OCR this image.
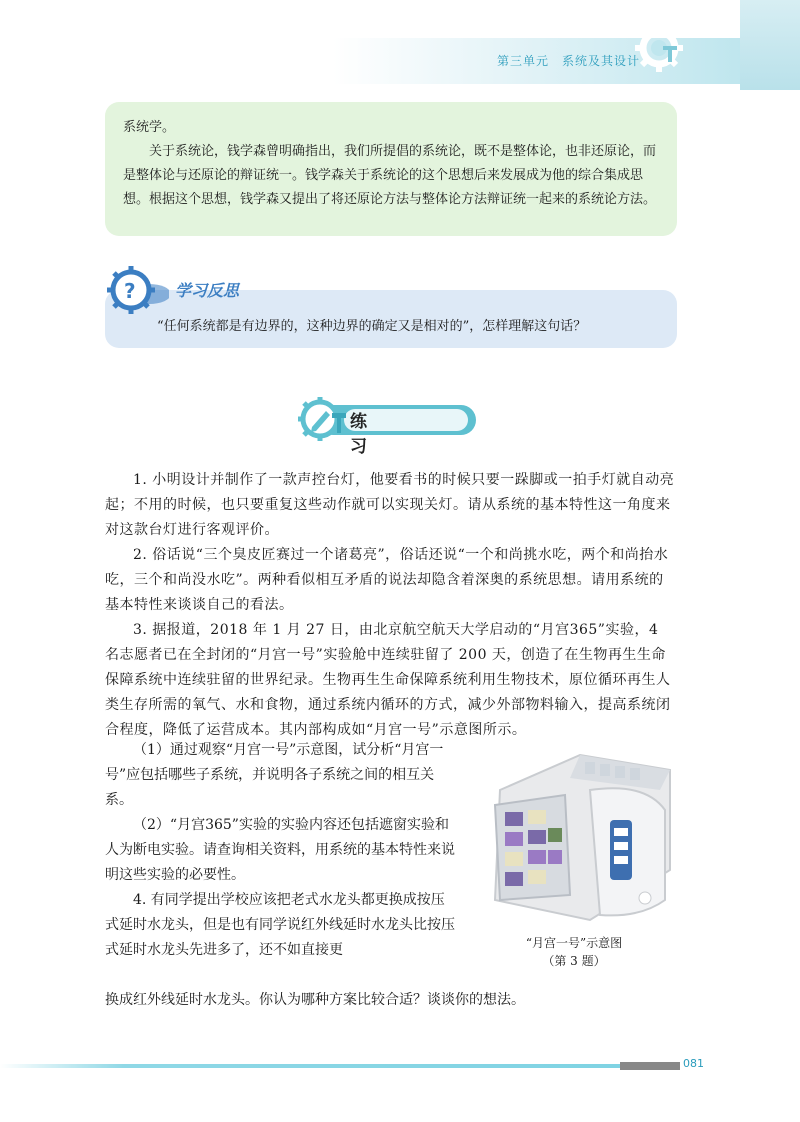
第三单元　系统及其设计

系统学。

关于系统论，钱学森曾明确指出，我们所提倡的系统论，既不是整体论，也非还原论，而是整体论与还原论的辩证统一。钱学森关于系统论的这个思想后来发展成为他的综合集成思想。根据这个思想，钱学森又提出了将还原论方法与整体论方法辩证统一起来的系统论方法。

? 学习反思
“任何系统都是有边界的，这种边界的确定又是相对的”，怎样理解这句话？
练　习

1. 小明设计并制作了一款声控台灯，他要看书的时候只要一跺脚或一拍手灯就自动亮起；不用的时候，也只要重复这些动作就可以实现关灯。请从系统的基本特性这一角度来对这款台灯进行客观评价。

2. 俗话说“三个臭皮匠赛过一个诸葛亮”，俗话还说“一个和尚挑水吃，两个和尚抬水吃，三个和尚没水吃”。两种看似相互矛盾的说法却隐含着深奥的系统思想。请用系统的基本特性来谈谈自己的看法。

3. 据报道，2018 年 1 月 27 日，由北京航空航天大学启动的“月宫365”实验，4 名志愿者已在全封闭的“月宫一号”实验舱中连续驻留了 200 天，创造了在生物再生生命保障系统中连续驻留的世界纪录。生物再生生命保障系统利用生物技术，原位循环再生人类生存所需的氧气、水和食物，通过系统内循环的方式，减少外部物料输入，提高系统闭合程度，降低了运营成本。其内部构成如“月宫一号”示意图所示。

（1）通过观察“月宫一号”示意图，试分析“月宫一号”应包括哪些子系统，并说明各子系统之间的相互关系。

（2）“月宫365”实验的实验内容还包括遮窗实验和人为断电实验。请查询相关资料，用系统的基本特性来说明这些实验的必要性。

4. 有同学提出学校应该把老式水龙头都更换成按压式延时水龙头，但是也有同学说红外线延时水龙头比按压式延时水龙头先进多了，还不如直接更

换成红外线延时水龙头。你认为哪种方案比较合适？谈谈你的想法。
“月宫一号”示意图
（第 3 题）
081
